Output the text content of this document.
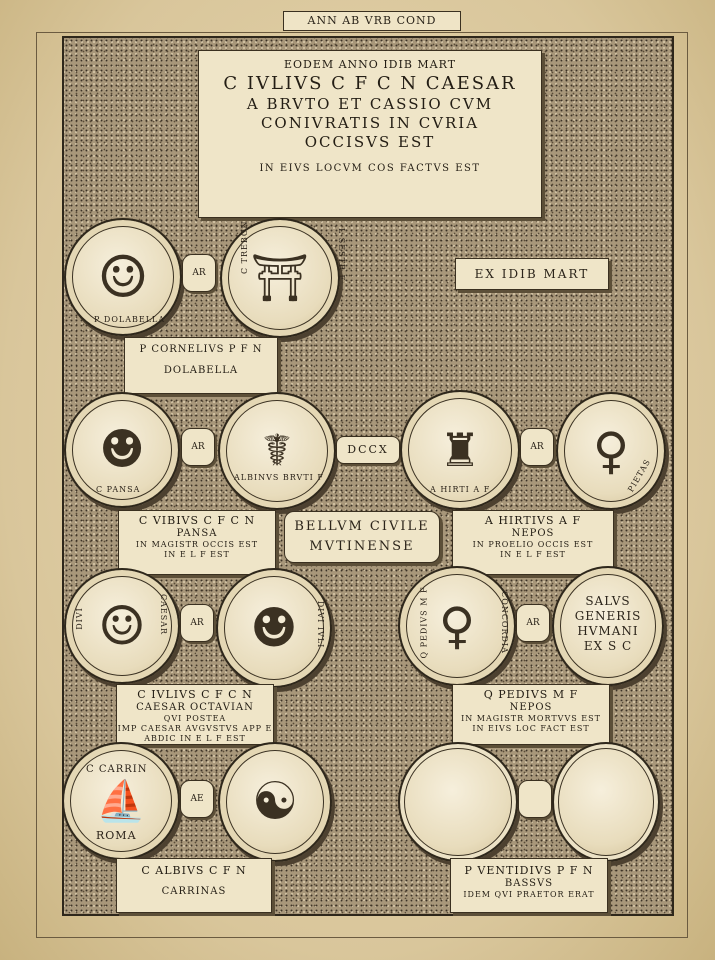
ANN AB VRB COND
EODEM ANNO IDIB MART
C IVLIVS C F C N CAESAR
A BRVTO ET CASSIO CVM
CONIVRATIS IN CVRIA
OCCISVS EST
IN EIVS LOCVM COS FACTVS EST
EX IDIB MART
☺
P DOLABELLA
AR ⛩
C TREBON	L SESTR F
P CORNELIVS P F N
DOLABELLA
☻
C PANSA
AR	☤
ALBINVS BRVTI F
DCCX	♜
A HIRTI A F
AR ♀
PIETAS
C VIBIVS C F C N
PANSA
IN MAGISTR OCCIS EST
IN E L F EST
BELLVM CIVILE
MVTINENSE
A HIRTIVS A F
NEPOS
IN PROELIO OCCIS EST
IN E L F EST
☺
DIVI	CAESAR	AR ☻	DIVI IVLI	♀
Q PEDIVS M F	CONCORDIA	AR
SALVS
GENERIS
HVMANI
EX S C
C IVLIVS C F C N
CAESAR OCTAVIAN
QVI POSTEA
IMP CAESAR AVGVSTVS APP E
ABDIC IN E L F EST
Q PEDIVS M F
NEPOS
IN MAGISTR MORTVVS EST
IN EIVS LOC FACT EST
C CARRIN
⛵
ROMA
AE ☯
C ALBIVS C F N
CARRINAS
P VENTIDIVS P F N
BASSVS
IDEM QVI PRAETOR ERAT
